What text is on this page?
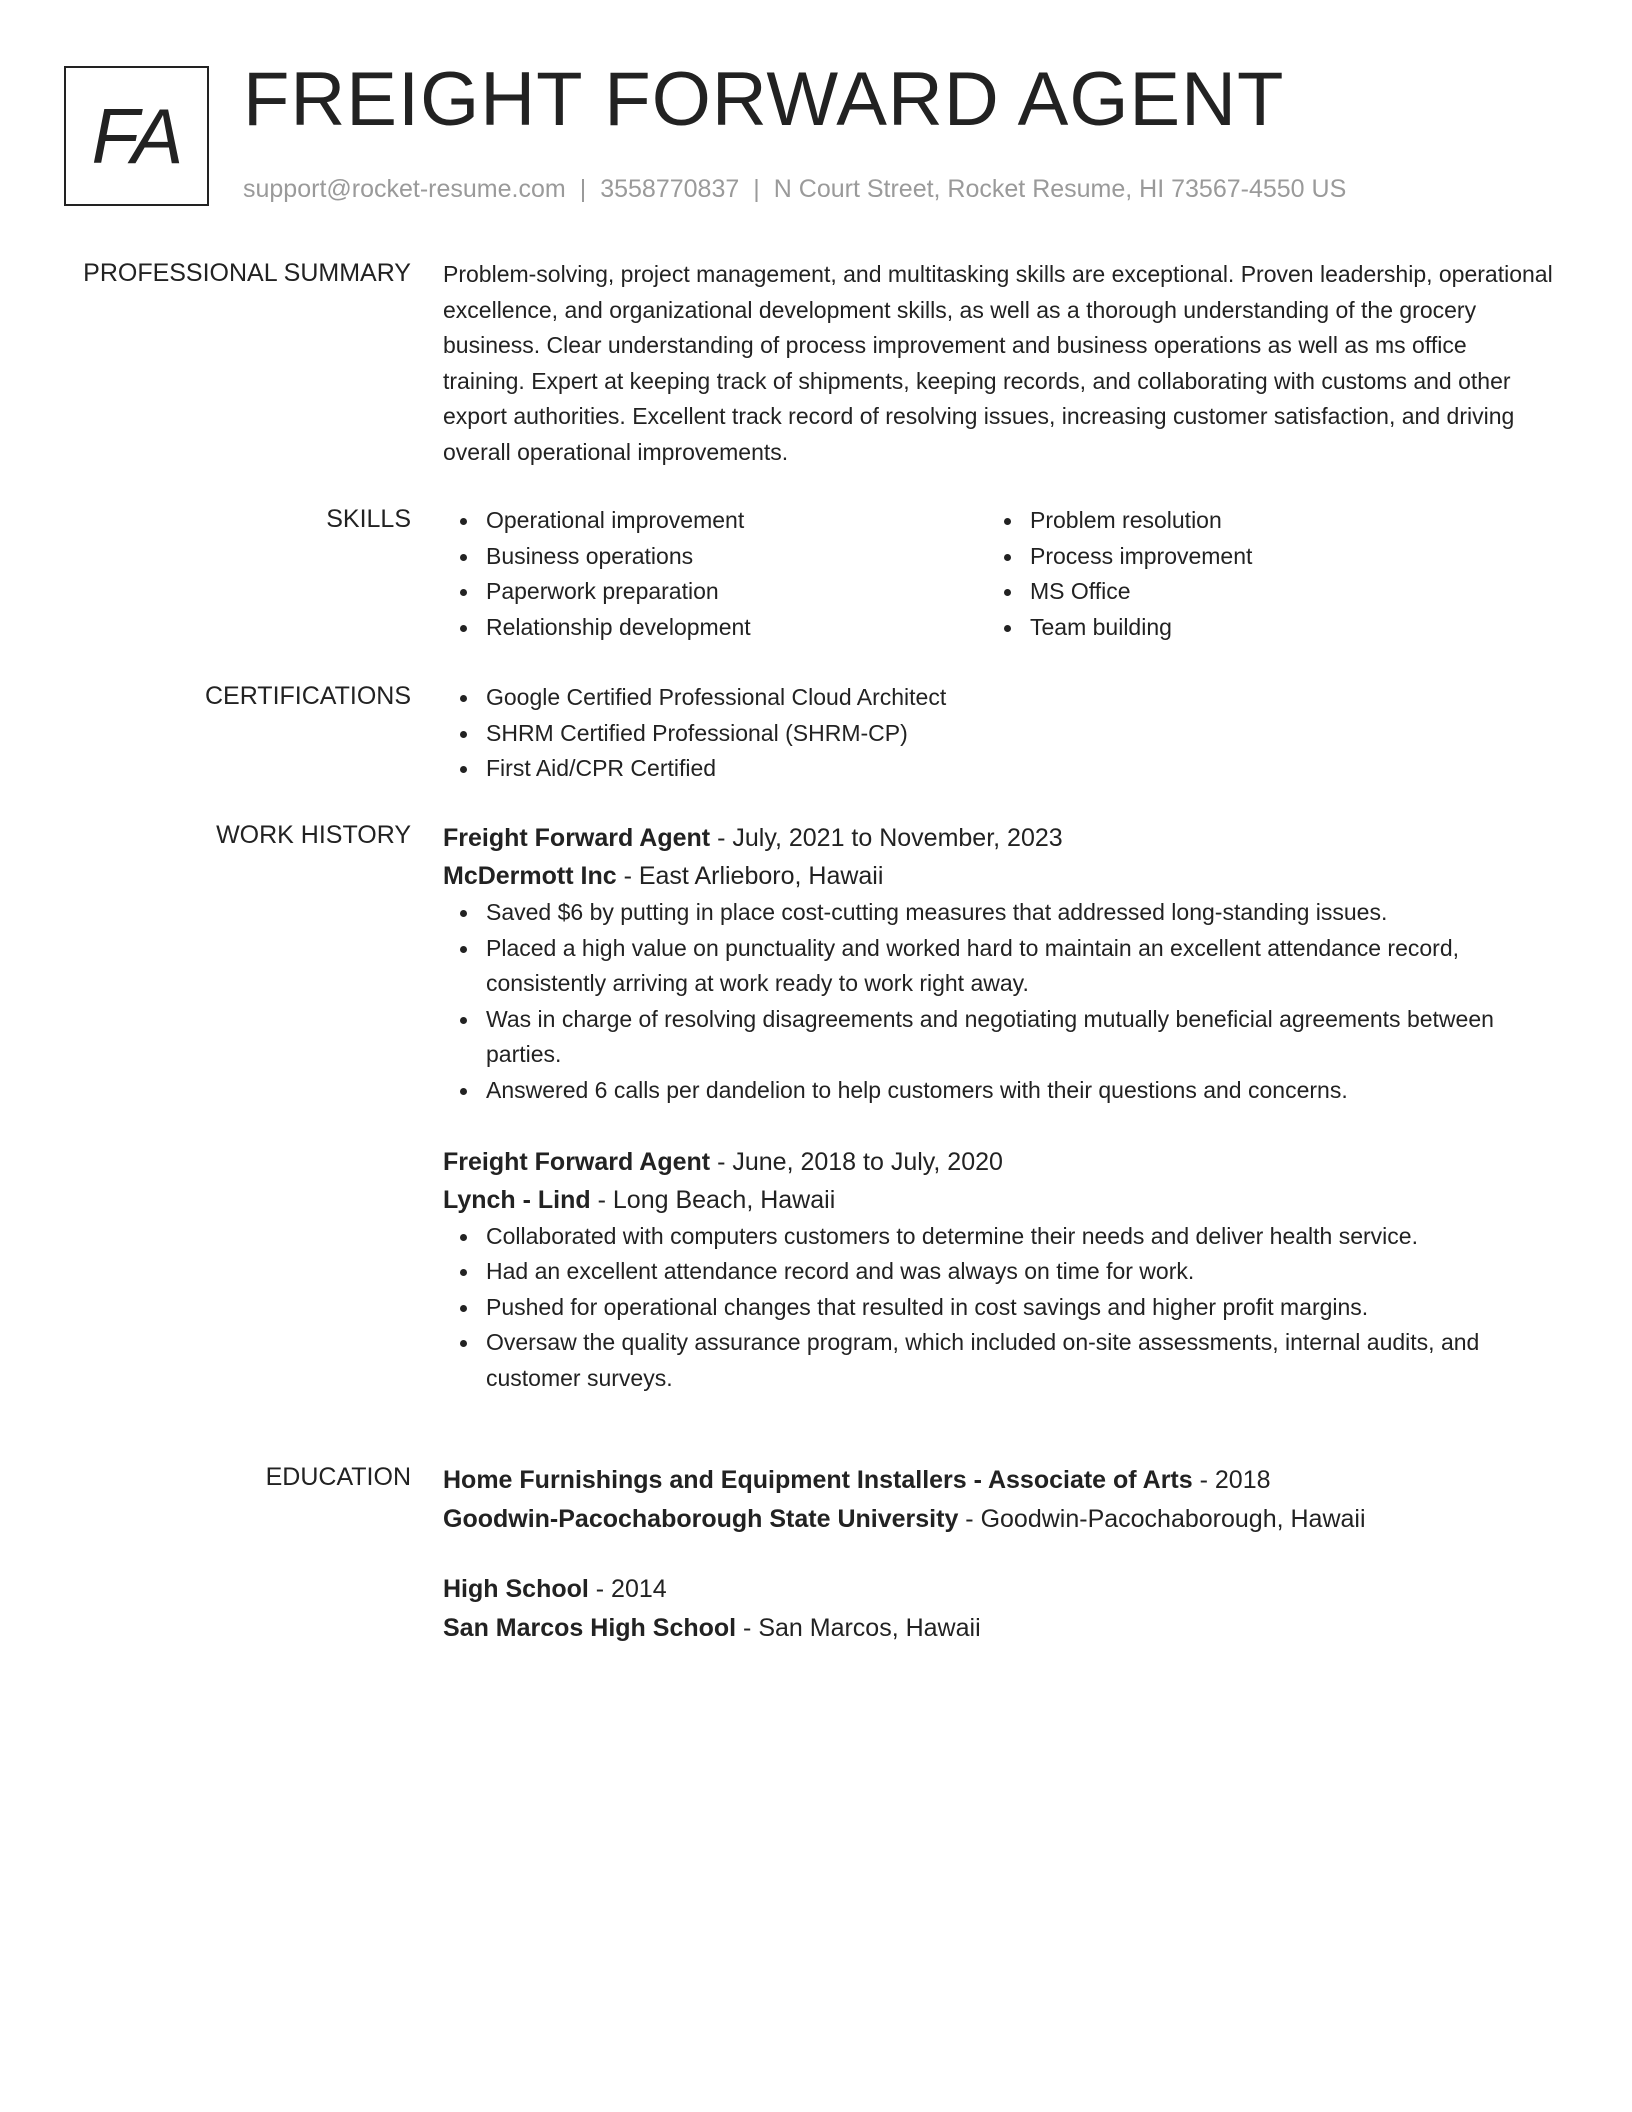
FA FREIGHT FORWARD AGENT
support@rocket-resume.com | 3558770837 | N Court Street, Rocket Resume, HI 73567-4550 US
PROFESSIONAL SUMMARY Problem-solving, project management, and multitasking skills are exceptional. Proven leadership, operational excellence, and organizational development skills, as well as a thorough understanding of the grocery business. Clear understanding of process improvement and business operations as well as ms office training. Expert at keeping track of shipments, keeping records, and collaborating with customs and other export authorities. Excellent track record of resolving issues, increasing customer satisfaction, and driving overall operational improvements.

SKILLS	Operational improvement
Business operations
Paperwork preparation
Relationship development
Problem resolution
Process improvement
MS Office
Team building
CERTIFICATIONS	Google Certified Professional Cloud Architect
SHRM Certified Professional (SHRM-CP)
First Aid/CPR Certified
WORK HISTORY Freight Forward Agent - July, 2021 to November, 2023
McDermott Inc - East Arlieboro, Hawaii
Saved $6 by putting in place cost-cutting measures that addressed long-standing issues.
Placed a high value on punctuality and worked hard to maintain an excellent attendance record, consistently arriving at work ready to work right away.
Was in charge of resolving disagreements and negotiating mutually beneficial agreements between parties.
Answered 6 calls per dandelion to help customers with their questions and concerns.
Freight Forward Agent - June, 2018 to July, 2020
Lynch - Lind - Long Beach, Hawaii
Collaborated with computers customers to determine their needs and deliver health service.
Had an excellent attendance record and was always on time for work.
Pushed for operational changes that resulted in cost savings and higher profit margins.
Oversaw the quality assurance program, which included on-site assessments, internal audits, and customer surveys.
EDUCATION Home Furnishings and Equipment Installers - Associate of Arts - 2018
Goodwin-Pacochaborough State University - Goodwin-Pacochaborough, Hawaii
High School - 2014
San Marcos High School - San Marcos, Hawaii
